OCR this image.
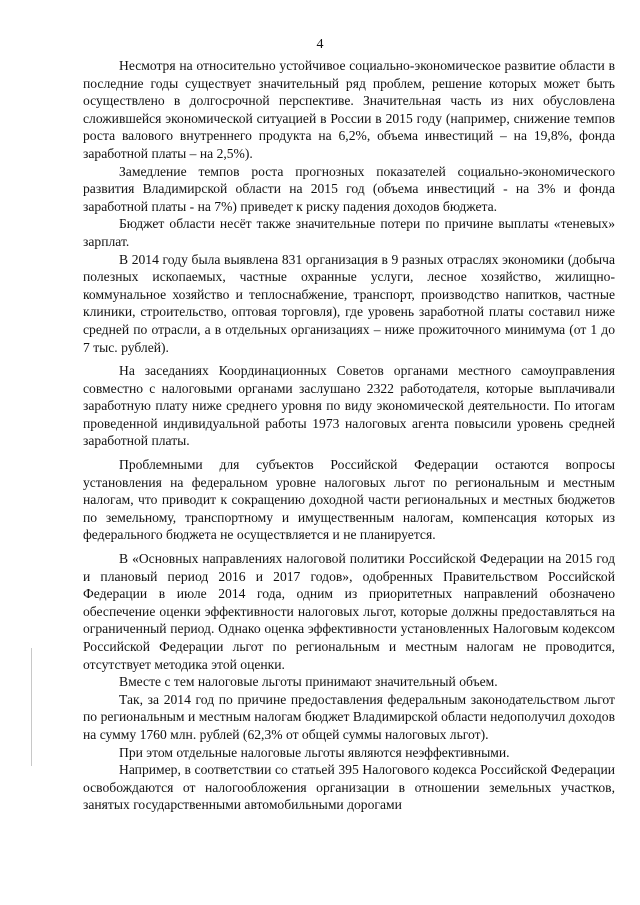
4

Несмотря на относительно устойчивое социально-экономическое развитие области в последние годы существует значительный ряд проблем, решение которых может быть осуществлено в долгосрочной перспективе. Значительная часть из них обусловлена сложившейся экономической ситуацией в России в 2015 году (например, снижение темпов роста валового внутреннего продукта на 6,2%, объема инвестиций – на 19,8%, фонда заработной платы – на 2,5%).

Замедление темпов роста прогнозных показателей социально-экономического развития Владимирской области на 2015 год (объема инвестиций - на 3% и фонда заработной платы - на 7%) приведет к риску падения доходов бюджета.

Бюджет области несёт также значительные потери по причине выплаты «теневых» зарплат.

В 2014 году была выявлена 831 организация в 9 разных отраслях экономики (добыча полезных ископаемых, частные охранные услуги, лесное хозяйство, жилищно-коммунальное хозяйство и теплоснабжение, транспорт, производство напитков, частные клиники, строительство, оптовая торговля), где уровень заработной платы составил ниже средней по отрасли, а в отдельных организациях – ниже прожиточного минимума (от 1 до 7 тыс. рублей).

На заседаниях Координационных Советов органами местного самоуправления совместно с налоговыми органами заслушано 2322 работодателя, которые выплачивали заработную плату ниже среднего уровня по виду экономической деятельности. По итогам проведенной индивидуальной работы 1973 налоговых агента повысили уровень средней заработной платы.

Проблемными для субъектов Российской Федерации остаются вопросы установления на федеральном уровне налоговых льгот по региональным и местным налогам, что приводит к сокращению доходной части региональных и местных бюджетов по земельному, транспортному и имущественным налогам, компенсация которых из федерального бюджета не осуществляется и не планируется.

В «Основных направлениях налоговой политики Российской Федерации на 2015 год и плановый период 2016 и 2017 годов», одобренных Правительством Российской Федерации в июле 2014 года, одним из приоритетных направлений обозначено обеспечение оценки эффективности налоговых льгот, которые должны предоставляться на ограниченный период. Однако оценка эффективности установленных Налоговым кодексом Российской Федерации льгот по региональным и местным налогам не проводится, отсутствует методика этой оценки.

Вместе с тем налоговые льготы принимают значительный объем.

Так, за 2014 год по причине предоставления федеральным законодательством льгот по региональным и местным налогам бюджет Владимирской области недополучил доходов на сумму 1760 млн. рублей (62,3% от общей суммы налоговых льгот).

При этом отдельные налоговые льготы являются неэффективными.

Например, в соответствии со статьей 395 Налогового кодекса Российской Федерации освобождаются от налогообложения организации в отношении земельных участков, занятых государственными автомобильными дорогами
